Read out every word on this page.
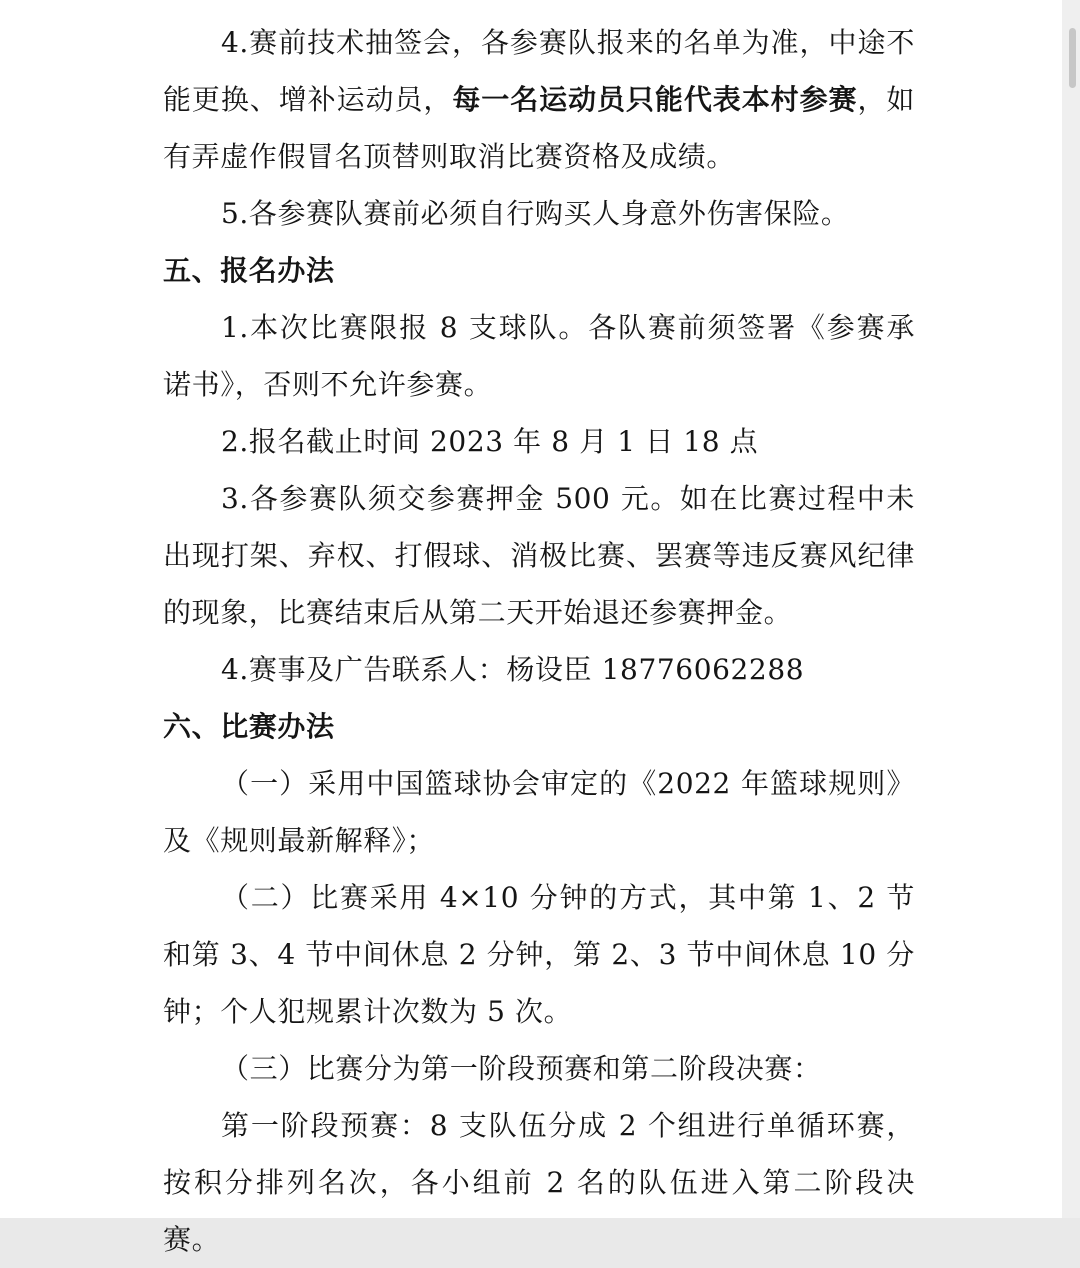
4.赛前技术抽签会，各参赛队报来的名单为准，中途不能更换、增补运动员，每一名运动员只能代表本村参赛，如有弄虚作假冒名顶替则取消比赛资格及成绩。

5.各参赛队赛前必须自行购买人身意外伤害保险。

五、报名办法

1.本次比赛限报 8 支球队。各队赛前须签署《参赛承诺书》，否则不允许参赛。

2.报名截止时间 2023 年 8 月 1 日 18 点

3.各参赛队须交参赛押金 500 元。如在比赛过程中未出现打架、弃权、打假球、消极比赛、罢赛等违反赛风纪律的现象，比赛结束后从第二天开始退还参赛押金。

4.赛事及广告联系人：杨设臣 18776062288

六、比赛办法

（一）采用中国篮球协会审定的《2022 年篮球规则》及《规则最新解释》；

（二）比赛采用 4×10 分钟的方式，其中第 1、2 节和第 3、4 节中间休息 2 分钟，第 2、3 节中间休息 10 分钟；个人犯规累计次数为 5 次。

（三）比赛分为第一阶段预赛和第二阶段决赛：

第一阶段预赛：8 支队伍分成 2 个组进行单循环赛，按积分排列名次，各小组前 2 名的队伍进入第二阶段决赛。
